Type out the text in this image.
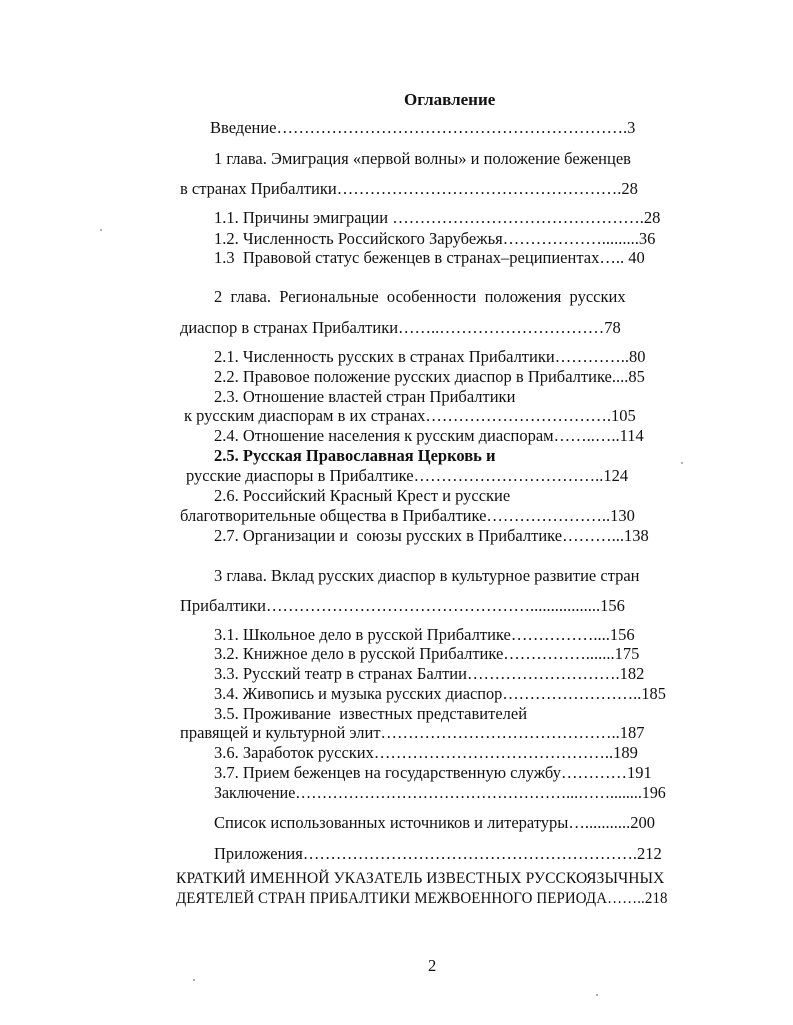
Оглавление
Введение……………………………………………………….3
1 глава. Эмиграция «первой волны» и положение беженцев
в странах Прибалтики…………………………………………….28
1.1. Причины эмиграции ……………………………………….28
1.2. Численность Российского Зарубежья……………….........36
1.3  Правовой статус беженцев в странах–реципиентах….. 40
2  глава.  Региональные  особенности  положения  русских
диаспор в странах Прибалтики……..…………………………78
2.1. Численность русских в странах Прибалтики…………..80
2.2. Правовое положение русских диаспор в Прибалтике....85
2.3. Отношение властей стран Прибалтики
к русским диаспорам в их странах…………………………….105
2.4. Отношение населения к русским диаспорам……..…..114
2.5. Русская Православная Церковь и
русские диаспоры в Прибалтике……………………………..124
2.6. Российский Красный Крест и русские
благотворительные общества в Прибалтике…………………..130
2.7. Организации и  союзы русских в Прибалтике………...138
3 глава. Вклад русских диаспор в культурное развитие стран
Прибалтики………………………………………….................156
3.1. Школьное дело в русской Прибалтике……………....156
3.2. Книжное дело в русской Прибалтике…………….......175
3.3. Русский театр в странах Балтии……………………….182
3.4. Живопись и музыка русских диаспор……………………..185
3.5. Проживание  известных представителей
правящей и культурной элит……………………………………..187
3.6. Заработок русских……………………………………..189
3.7. Прием беженцев на государственную службу…………191
Заключение……………………………………………...……........196
Список использованных источников и литературы…...........200
Приложения…………………………………………………….212
КРАТКИЙ ИМЕННОЙ УКАЗАТЕЛЬ ИЗВЕСТНЫХ РУССКОЯЗЫЧНЫХ
ДЕЯТЕЛЕЙ СТРАН ПРИБАЛТИКИ МЕЖВОЕННОГО ПЕРИОДА……..218
2
